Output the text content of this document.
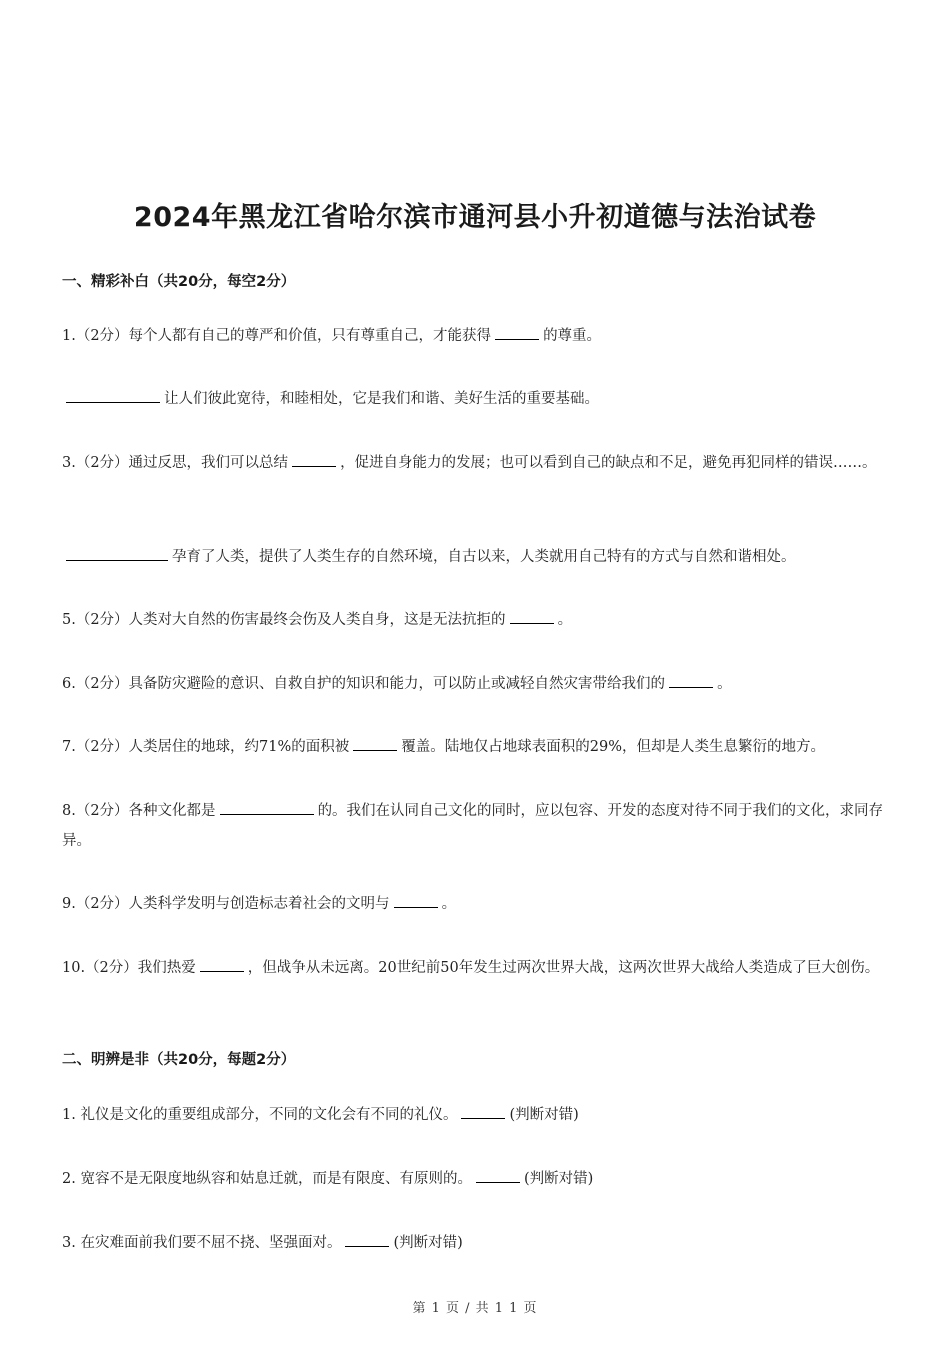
2024年黑龙江省哈尔滨市通河县小升初道德与法治试卷
一、精彩补白（共20分，每空2分）
1.（2分）每个人都有自己的尊严和价值，只有尊重自己，才能获得	的尊重。
让人们彼此宽待，和睦相处，它是我们和谐、美好生活的重要基础。
3.（2分）通过反思，我们可以总结	，促进自身能力的发展；也可以看到自己的缺点和不足，避免再犯同样的错误……。
孕育了人类，提供了人类生存的自然环境，自古以来，人类就用自己特有的方式与自然和谐相处。
5.（2分）人类对大自然的伤害最终会伤及人类自身，这是无法抗拒的	。
6.（2分）具备防灾避险的意识、自救自护的知识和能力，可以防止或减轻自然灾害带给我们的	。
7.（2分）人类居住的地球，约71%的面积被	覆盖。陆地仅占地球表面积的29%，但却是人类生息繁衍的地方。
8.（2分）各种文化都是	的。我们在认同自己文化的同时，应以包容、开发的态度对待不同于我们的文化，求同存异。
9.（2分）人类科学发明与创造标志着社会的文明与	。
10.（2分）我们热爱	，但战争从未远离。20世纪前50年发生过两次世界大战，这两次世界大战给人类造成了巨大创伤。
二、明辨是非（共20分，每题2分）
1. 礼仪是文化的重要组成部分，不同的文化会有不同的礼仪。	(判断对错)
2. 宽容不是无限度地纵容和姑息迁就，而是有限度、有原则的。	(判断对错)
3. 在灾难面前我们要不屈不挠、坚强面对。	(判断对错)
第 1 页 / 共 1 1 页
